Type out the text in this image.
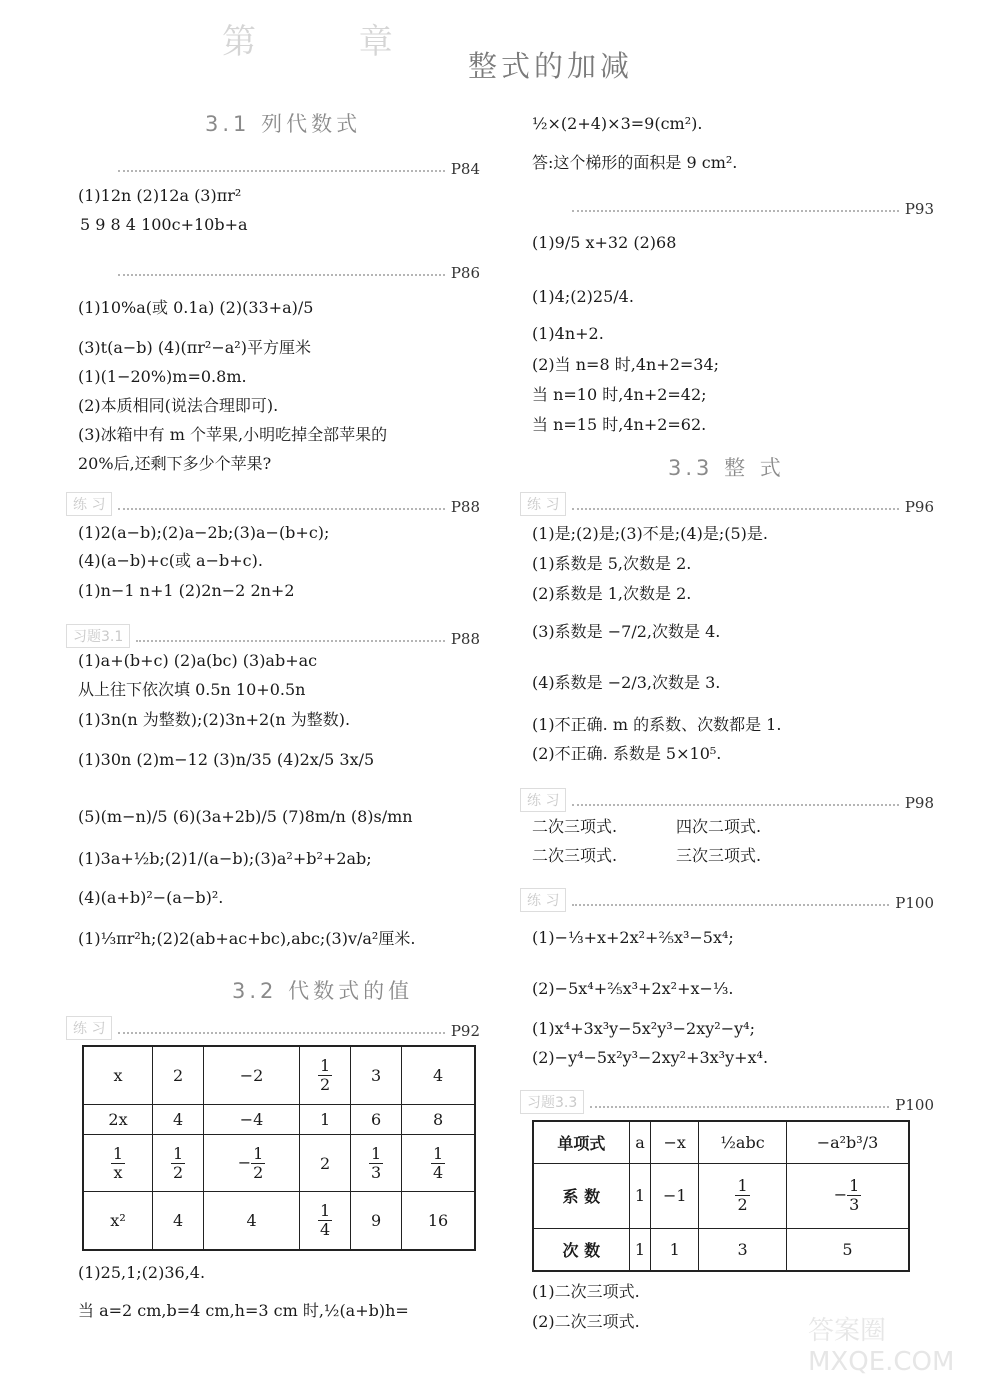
第 章
整式的加减
3.1 列代数式
P84
(1)12n (2)12a (3)πr²
5 9 8 4 100c+10b+a
P86
(1)10%a(或 0.1a) (2)(33+a)/5
(3)t(a−b) (4)(πr²−a²)平方厘米
(1)(1−20%)m=0.8m.
(2)本质相同(说法合理即可).
(3)冰箱中有 m 个苹果,小明吃掉全部苹果的
20%后,还剩下多少个苹果?
练 习	P88
(1)2(a−b);(2)a−2b;(3)a−(b+c);
(4)(a−b)+c(或 a−b+c).
(1)n−1 n+1 (2)2n−2 2n+2
习题3.1	P88
(1)a+(b+c) (2)a(bc) (3)ab+ac
从上往下依次填 0.5n 10+0.5n
(1)3n(n 为整数);(2)3n+2(n 为整数).
(1)30n (2)m−12 (3)n/35 (4)2x/5 3x/5
(5)(m−n)/5 (6)(3a+2b)/5 (7)8m/n (8)s/mn
(1)3a+½b;(2)1/(a−b);(3)a²+b²+2ab;
(4)(a+b)²−(a−b)².
(1)⅓πr²h;(2)2(ab+ac+bc),abc;(3)v/a²厘米.
3.2 代数式的值
练 习	P92
x	2	−2	$\frac{1}{2}$	3	4
2x	4	−4	1	6	8

$\frac{1}{x}$	$\frac{1}{2}$	− $\frac{1}{2}$	2	$\frac{1}{3}$	$\frac{1}{4}$

x²	4	4	$\frac{1}{4}$	9	16
(1)25,1;(2)36,4.
当 a=2 cm,b=4 cm,h=3 cm 时,½(a+b)h=
½×(2+4)×3=9(cm²).
答:这个梯形的面积是 9 cm².
P93
(1)9/5 x+32 (2)68
(1)4;(2)25/4.
(1)4n+2.
(2)当 n=8 时,4n+2=34;
当 n=10 时,4n+2=42;
当 n=15 时,4n+2=62.
3.3 整 式
练 习	P96
(1)是;(2)是;(3)不是;(4)是;(5)是.
(1)系数是 5,次数是 2.
(2)系数是 1,次数是 2.
(3)系数是 −7/2,次数是 4.
(4)系数是 −2/3,次数是 3.
(1)不正确. m 的系数、次数都是 1.
(2)不正确. 系数是 5×10⁵.
练 习	P98
二次三项式.	四次二项式.
二次三项式.	三次三项式.
练 习	P100
(1)−⅓+x+2x²+⅖x³−5x⁴;
(2)−5x⁴+⅖x³+2x²+x−⅓.
(1)x⁴+3x³y−5x²y³−2xy²−y⁴;
(2)−y⁴−5x²y³−2xy²+3x³y+x⁴.
习题3.3	P100
单项式	a	−x	½abc	−a²b³/3
系 数	1	−1	$\frac{1}{2}$	− $\frac{1}{3}$

次 数	1	1	3	5
(1)二次三项式.
(2)二次三项式.	答案圈 MXQE.COM
